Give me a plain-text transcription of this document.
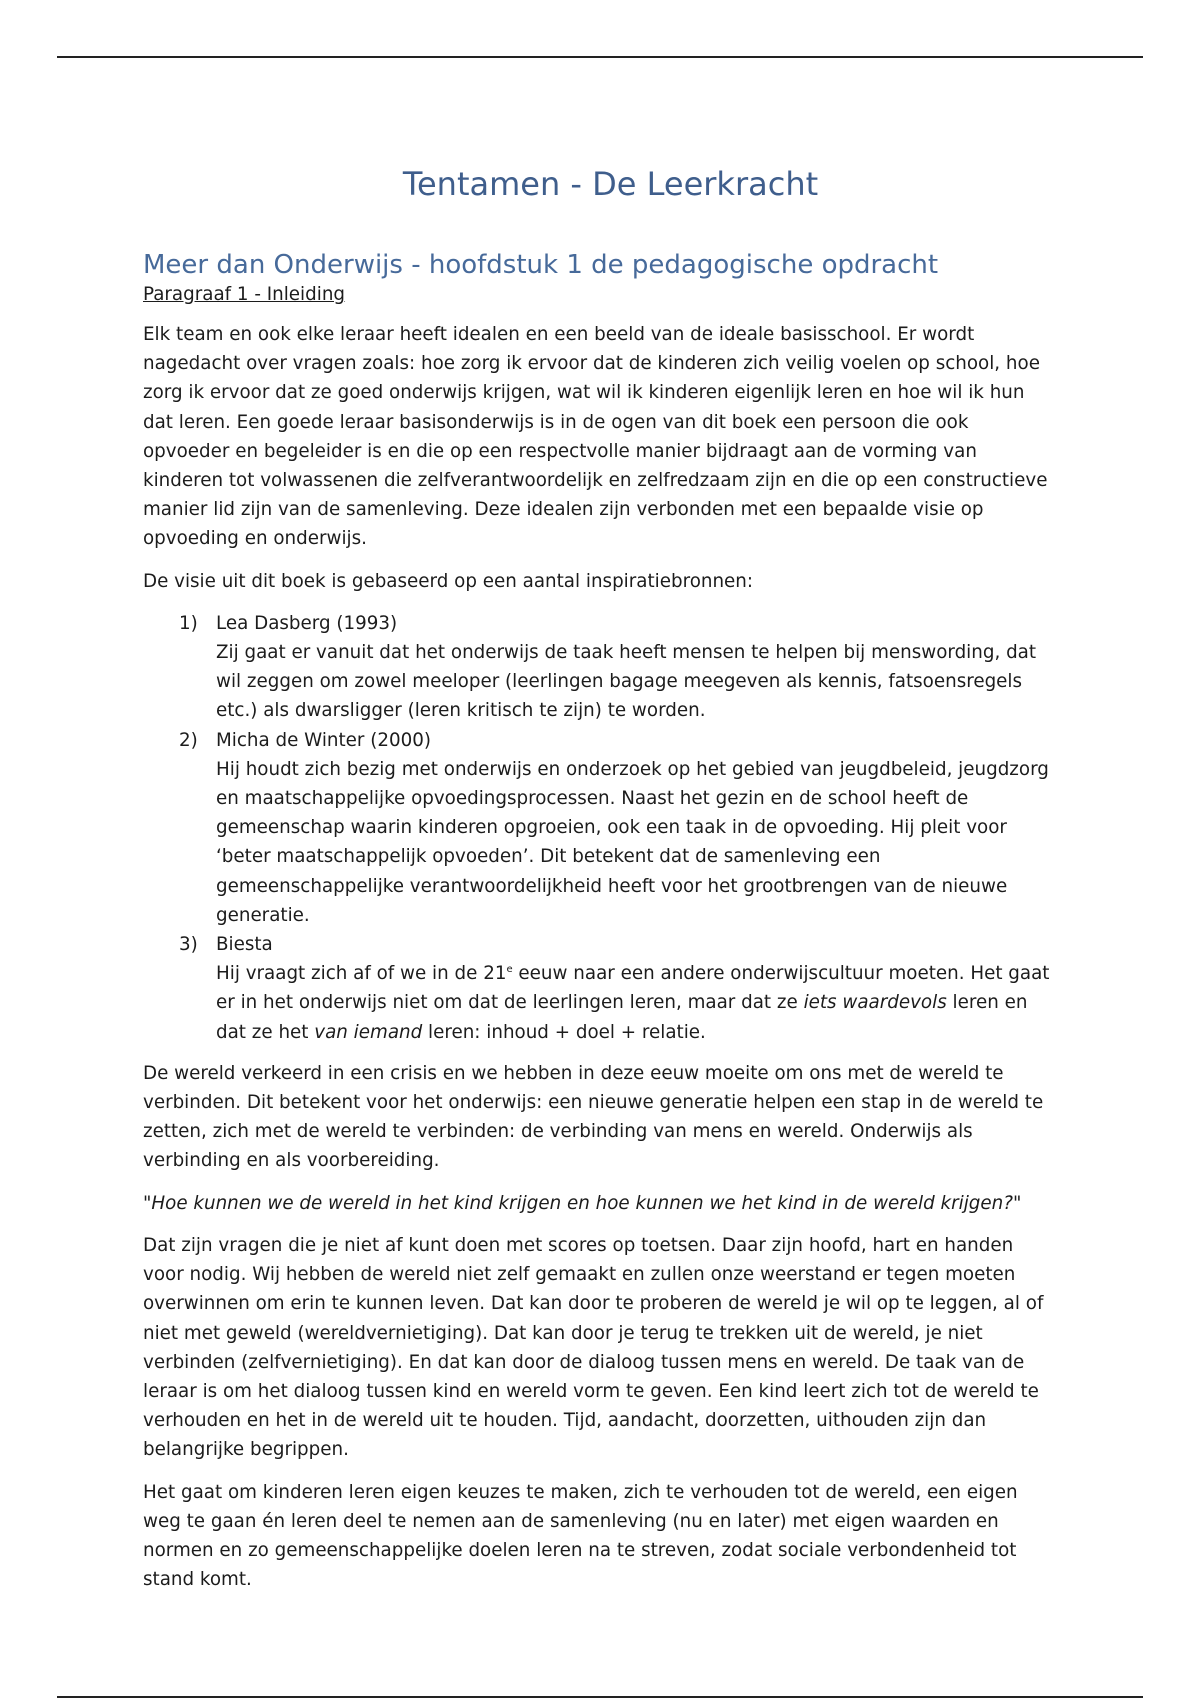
Tentamen - De Leerkracht
Meer dan Onderwijs - hoofdstuk 1 de pedagogische opdracht
Paragraaf 1 - Inleiding

Elk team en ook elke leraar heeft idealen en een beeld van de ideale basisschool. Er wordt nagedacht over vragen zoals: hoe zorg ik ervoor dat de kinderen zich veilig voelen op school, hoe zorg ik ervoor dat ze goed onderwijs krijgen, wat wil ik kinderen eigenlijk leren en hoe wil ik hun dat leren. Een goede leraar basisonderwijs is in de ogen van dit boek een persoon die ook opvoeder en begeleider is en die op een respectvolle manier bijdraagt aan de vorming van kinderen tot volwassenen die zelfverantwoordelijk en zelfredzaam zijn en die op een constructieve manier lid zijn van de samenleving. Deze idealen zijn verbonden met een bepaalde visie op opvoeding en onderwijs.

De visie uit dit boek is gebaseerd op een aantal inspiratiebronnen:

1) Lea Dasberg (1993)
Zij gaat er vanuit dat het onderwijs de taak heeft mensen te helpen bij menswording, dat wil zeggen om zowel meeloper (leerlingen bagage meegeven als kennis, fatsoensregels etc.) als dwarsligger (leren kritisch te zijn) te worden.
2) Micha de Winter (2000)
Hij houdt zich bezig met onderwijs en onderzoek op het gebied van jeugdbeleid, jeugdzorg en maatschappelijke opvoedingsprocessen. Naast het gezin en de school heeft de gemeenschap waarin kinderen opgroeien, ook een taak in de opvoeding. Hij pleit voor ‘beter maatschappelijk opvoeden’. Dit betekent dat de samenleving een gemeenschappelijke verantwoordelijkheid heeft voor het grootbrengen van de nieuwe generatie.
3) Biesta
Hij vraagt zich af of we in de 21e eeuw naar een andere onderwijscultuur moeten. Het gaat er in het onderwijs niet om dat de leerlingen leren, maar dat ze iets waardevols leren en dat ze het van iemand leren: inhoud + doel + relatie.

De wereld verkeerd in een crisis en we hebben in deze eeuw moeite om ons met de wereld te verbinden. Dit betekent voor het onderwijs: een nieuwe generatie helpen een stap in de wereld te zetten, zich met de wereld te verbinden: de verbinding van mens en wereld. Onderwijs als verbinding en als voorbereiding.

"Hoe kunnen we de wereld in het kind krijgen en hoe kunnen we het kind in de wereld krijgen?"

Dat zijn vragen die je niet af kunt doen met scores op toetsen. Daar zijn hoofd, hart en handen voor nodig. Wij hebben de wereld niet zelf gemaakt en zullen onze weerstand er tegen moeten overwinnen om erin te kunnen leven. Dat kan door te proberen de wereld je wil op te leggen, al of niet met geweld (wereldvernietiging). Dat kan door je terug te trekken uit de wereld, je niet verbinden (zelfvernietiging). En dat kan door de dialoog tussen mens en wereld. De taak van de leraar is om het dialoog tussen kind en wereld vorm te geven. Een kind leert zich tot de wereld te verhouden en het in de wereld uit te houden. Tijd, aandacht, doorzetten, uithouden zijn dan belangrijke begrippen.

Het gaat om kinderen leren eigen keuzes te maken, zich te verhouden tot de wereld, een eigen weg te gaan én leren deel te nemen aan de samenleving (nu en later) met eigen waarden en normen en zo gemeenschappelijke doelen leren na te streven, zodat sociale verbondenheid tot stand komt.
